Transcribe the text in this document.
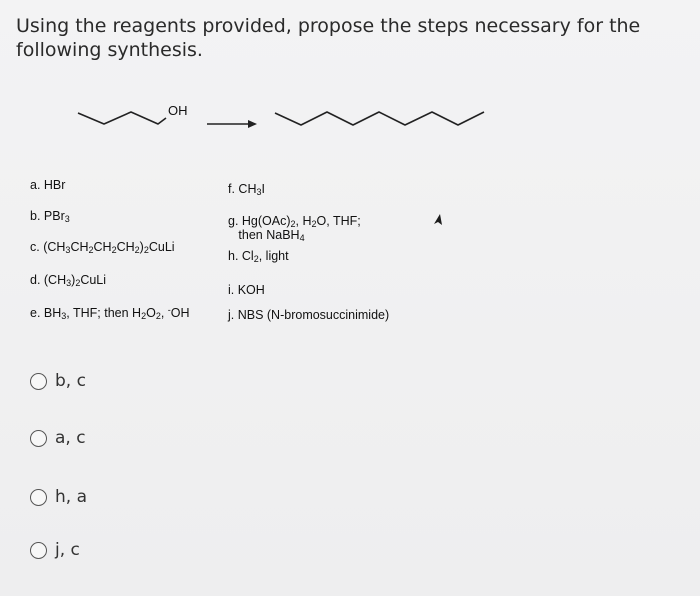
Using the reagents provided, propose the steps necessary for the following synthesis.
OH
a. HBr
b. PBr$_3$
c. $(CH_3CH_2CH_2CH_2)_2CuLi$
d. $(CH_3)_2CuLi$
e. $BH_3$, THF; then $H_2O_2$, -OH
f. $CH_3I$
g. $Hg(OAc)_2$, $H_2O$, THF;
then NaBH$_4$
h. $Cl_2$, light
i. KOH
j. NBS (N-bromosuccinimide)
b, c
a, c
h, a
j, c
